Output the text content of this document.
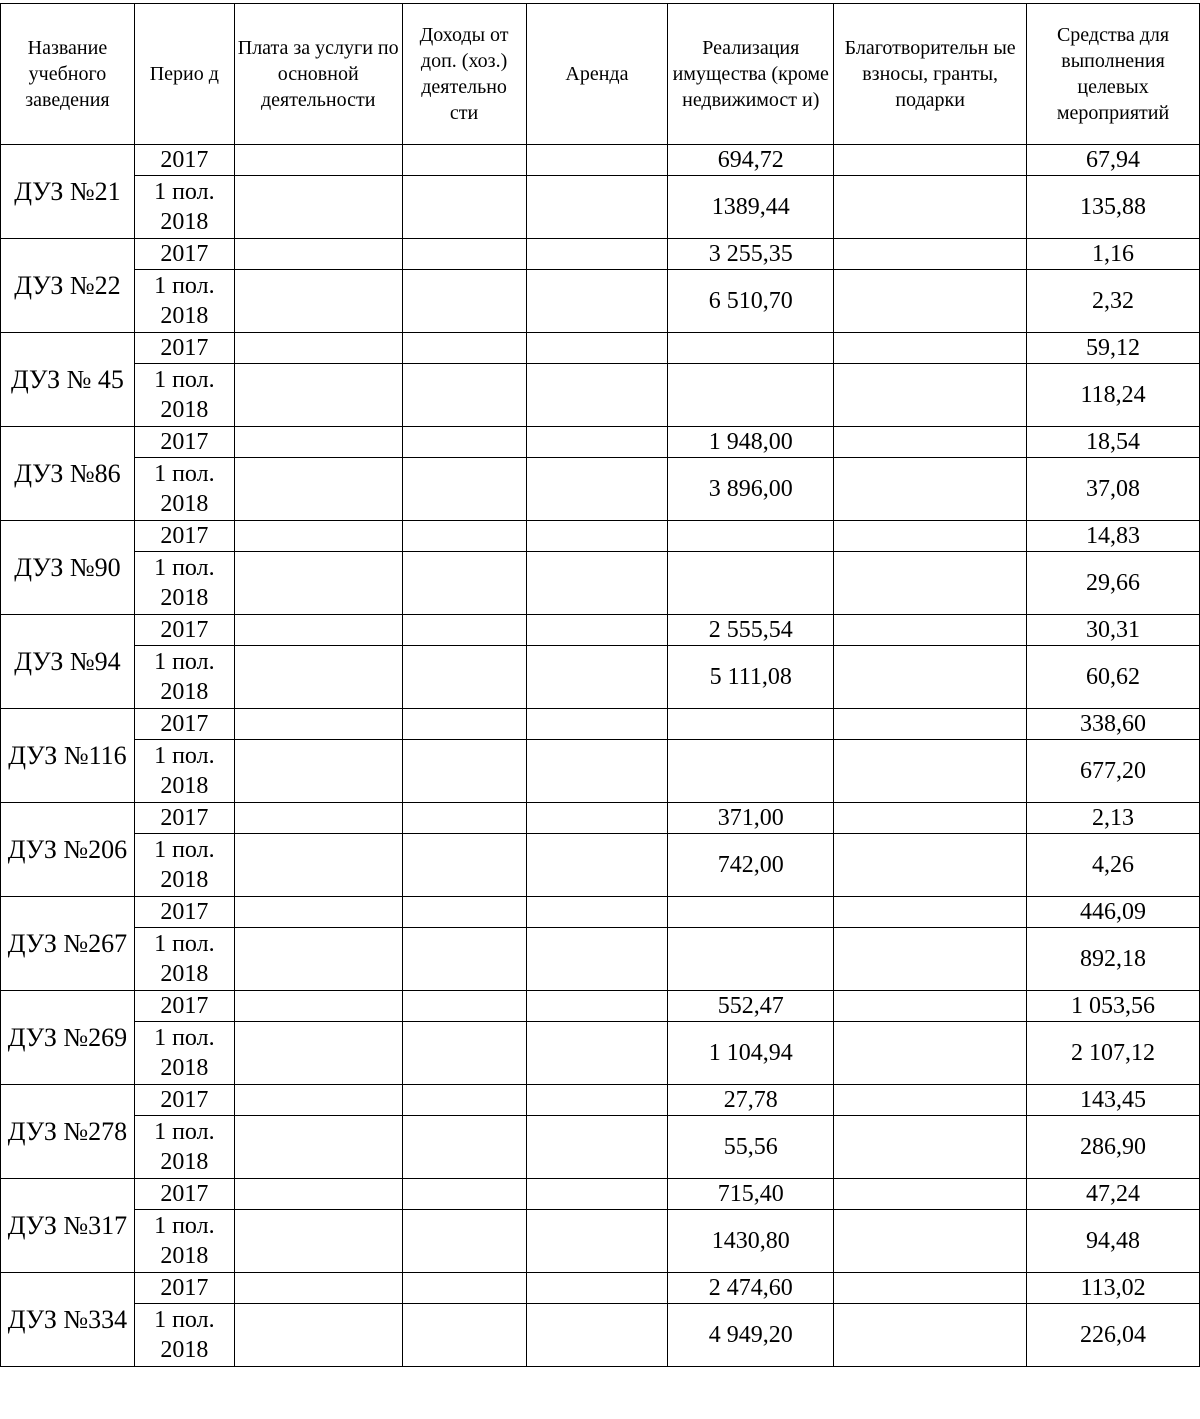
Название учебного заведения	Перио д	Плата за услуги по основной деятельности	Доходы от доп. (хоз.) деятельно сти	Аренда	Реализация имущества (кроме недвижимост и)	Благотворительн ые взносы, гранты, подарки	Средства для выполнения целевых мероприятий
ДУЗ №21	2017				694,72		67,94
	1 пол. 2018				1389,44		135,88
ДУЗ №22	2017				3 255,35		1,16
	1 пол. 2018				6 510,70		2,32
ДУЗ № 45	2017						59,12
	1 пол. 2018						118,24
ДУЗ №86	2017				1 948,00		18,54
	1 пол. 2018				3 896,00		37,08
ДУЗ №90	2017						14,83
	1 пол. 2018						29,66
ДУЗ №94	2017				2 555,54		30,31
	1 пол. 2018				5 111,08		60,62
ДУЗ №116	2017						338,60
	1 пол. 2018						677,20
ДУЗ №206	2017				371,00		2,13
	1 пол. 2018				742,00		4,26
ДУЗ №267	2017						446,09
	1 пол. 2018						892,18
ДУЗ №269	2017				552,47		1 053,56
	1 пол. 2018				1 104,94		2 107,12
ДУЗ №278	2017				27,78		143,45
	1 пол. 2018				55,56		286,90
ДУЗ №317	2017				715,40		47,24
	1 пол. 2018				1430,80		94,48
ДУЗ №334	2017				2 474,60		113,02
	1 пол. 2018				4 949,20		226,04
